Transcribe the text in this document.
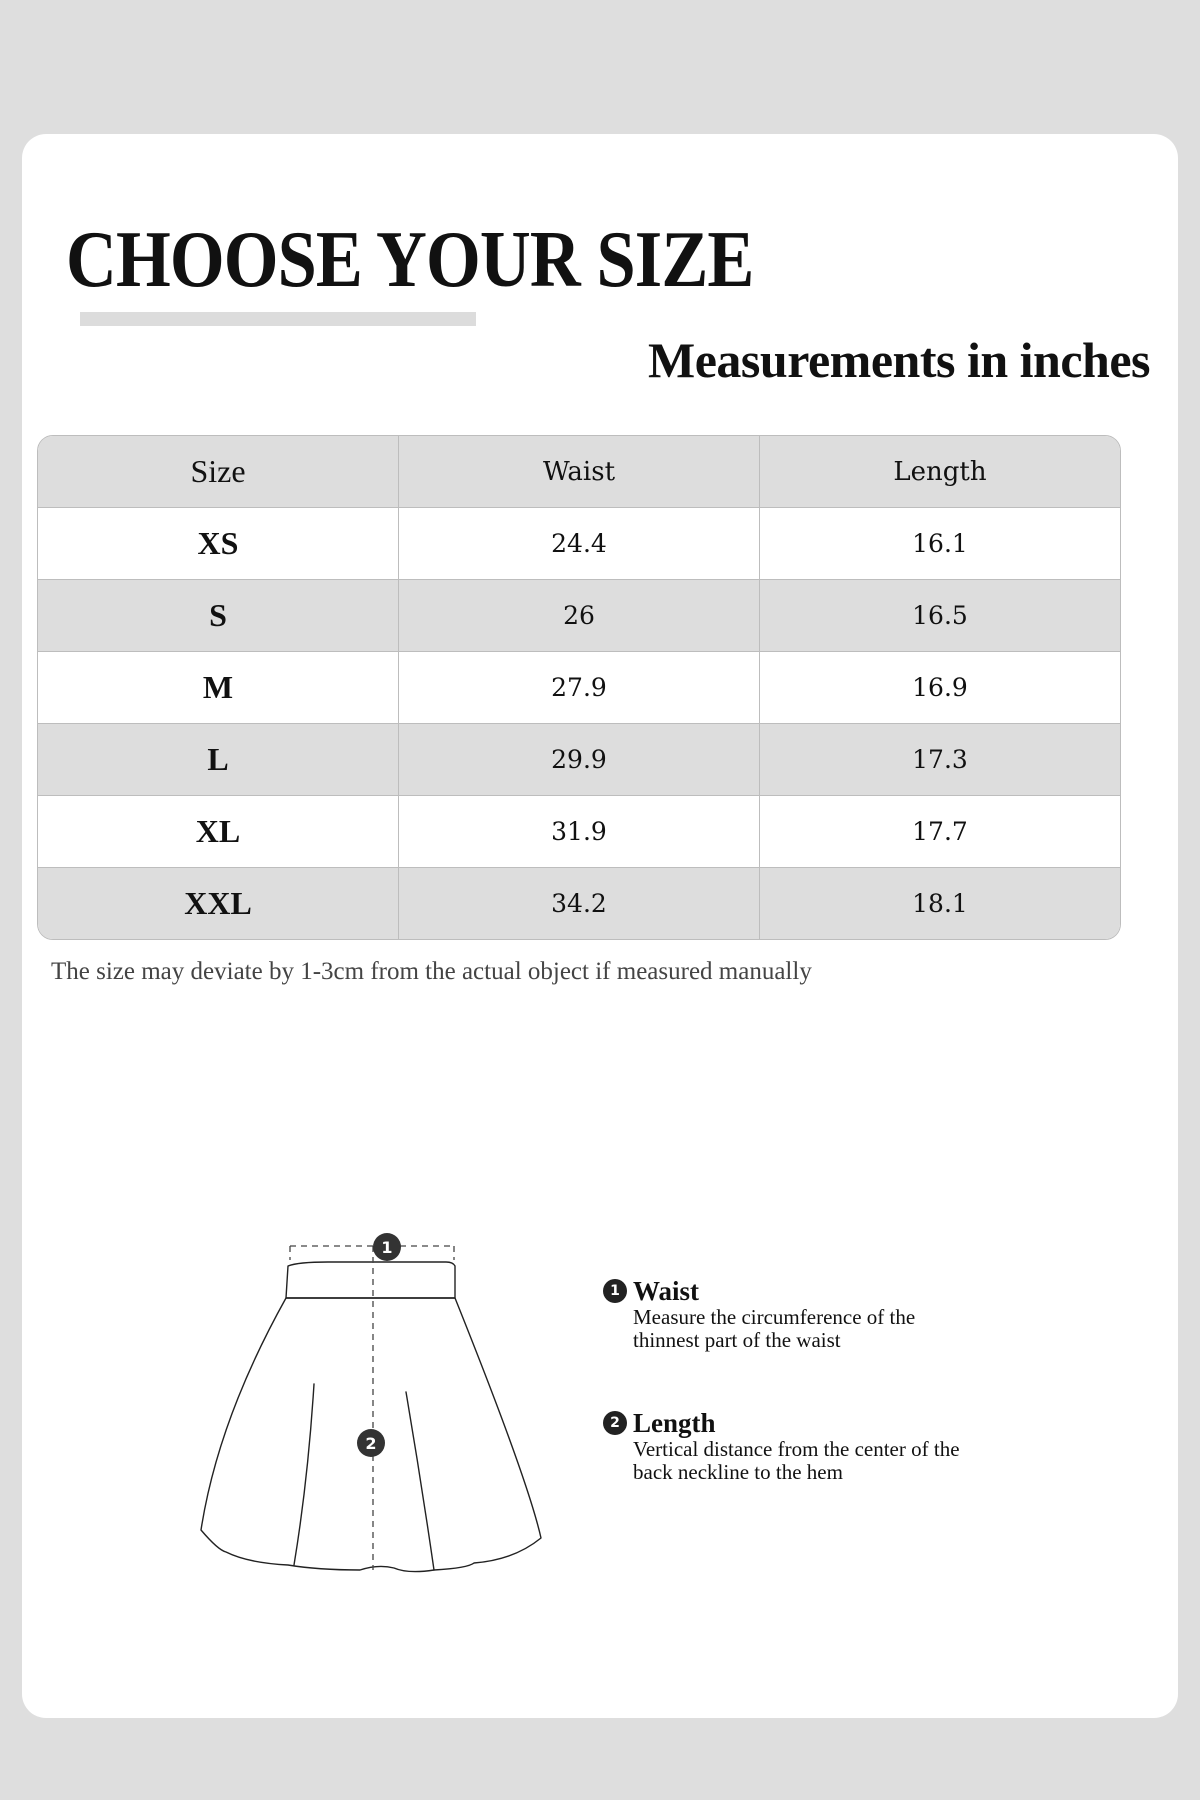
CHOOSE YOUR SIZE
Measurements in inches
Size	Waist	Length
XS	24.4	16.1
S	26	16.5
M	27.9	16.9
L	29.9	17.3
XL	31.9	17.7
XXL	34.2	18.1
The size may deviate by 1-3cm from the actual object if measured manually
1
2
1 Waist
Measure the circumference of the
thinnest part of the waist
2 Length
Vertical distance from the center of the
back neckline to the hem
